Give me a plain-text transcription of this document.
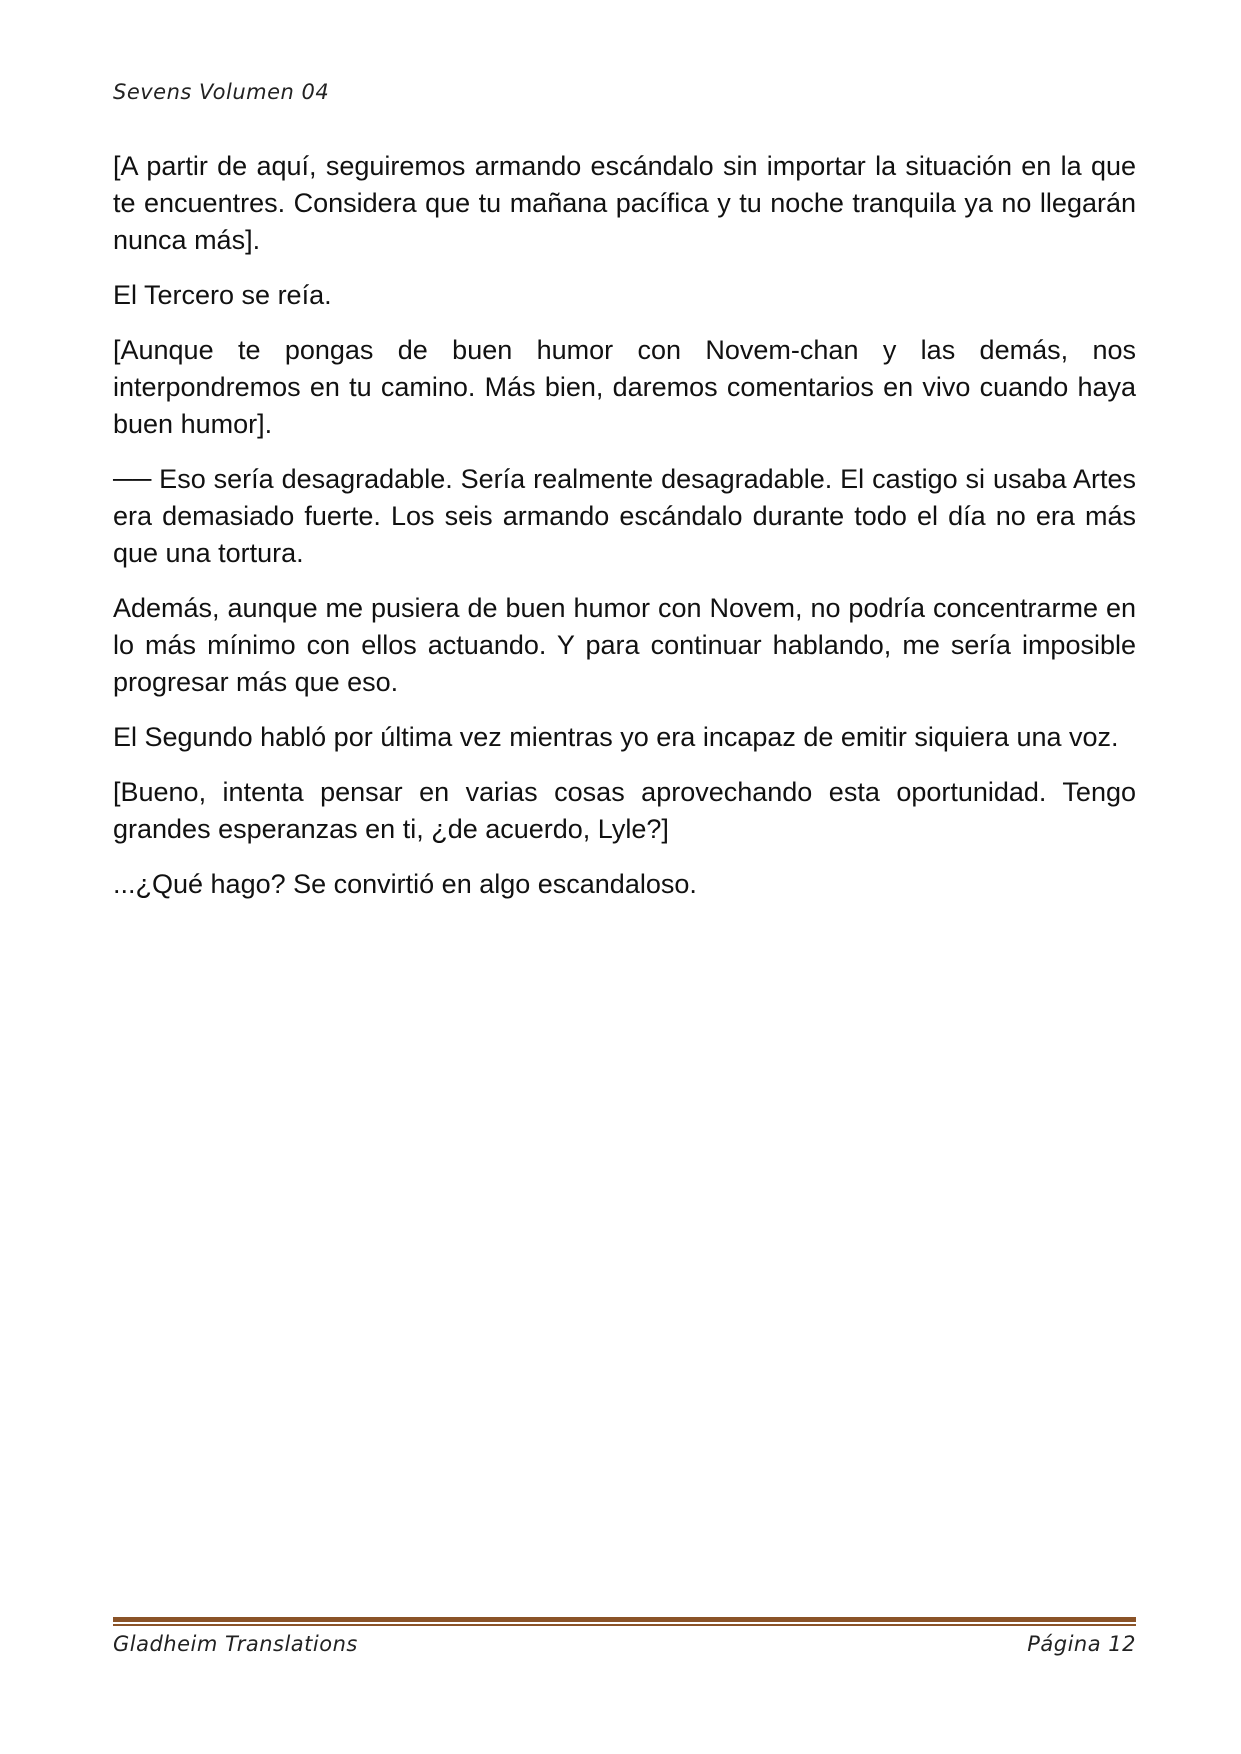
Sevens Volumen 04

[A partir de aquí, seguiremos armando escándalo sin importar la situación en la que te encuentres. Considera que tu mañana pacífica y tu noche tranquila ya no llegarán nunca más].

El Tercero se reía.

[Aunque te pongas de buen humor con Novem-chan y las demás, nos interpondremos en tu camino. Más bien, daremos comentarios en vivo cuando haya buen humor].

── Eso sería desagradable. Sería realmente desagradable. El castigo si usaba Artes era demasiado fuerte. Los seis armando escándalo durante todo el día no era más que una tortura.

Además, aunque me pusiera de buen humor con Novem, no podría concentrarme en lo más mínimo con ellos actuando. Y para continuar hablando, me sería imposible progresar más que eso.

El Segundo habló por última vez mientras yo era incapaz de emitir siquiera una voz.

[Bueno, intenta pensar en varias cosas aprovechando esta oportunidad. Tengo grandes esperanzas en ti, ¿de acuerdo, Lyle?]

...¿Qué hago? Se convirtió en algo escandaloso.

Gladheim Translations	Página 12
